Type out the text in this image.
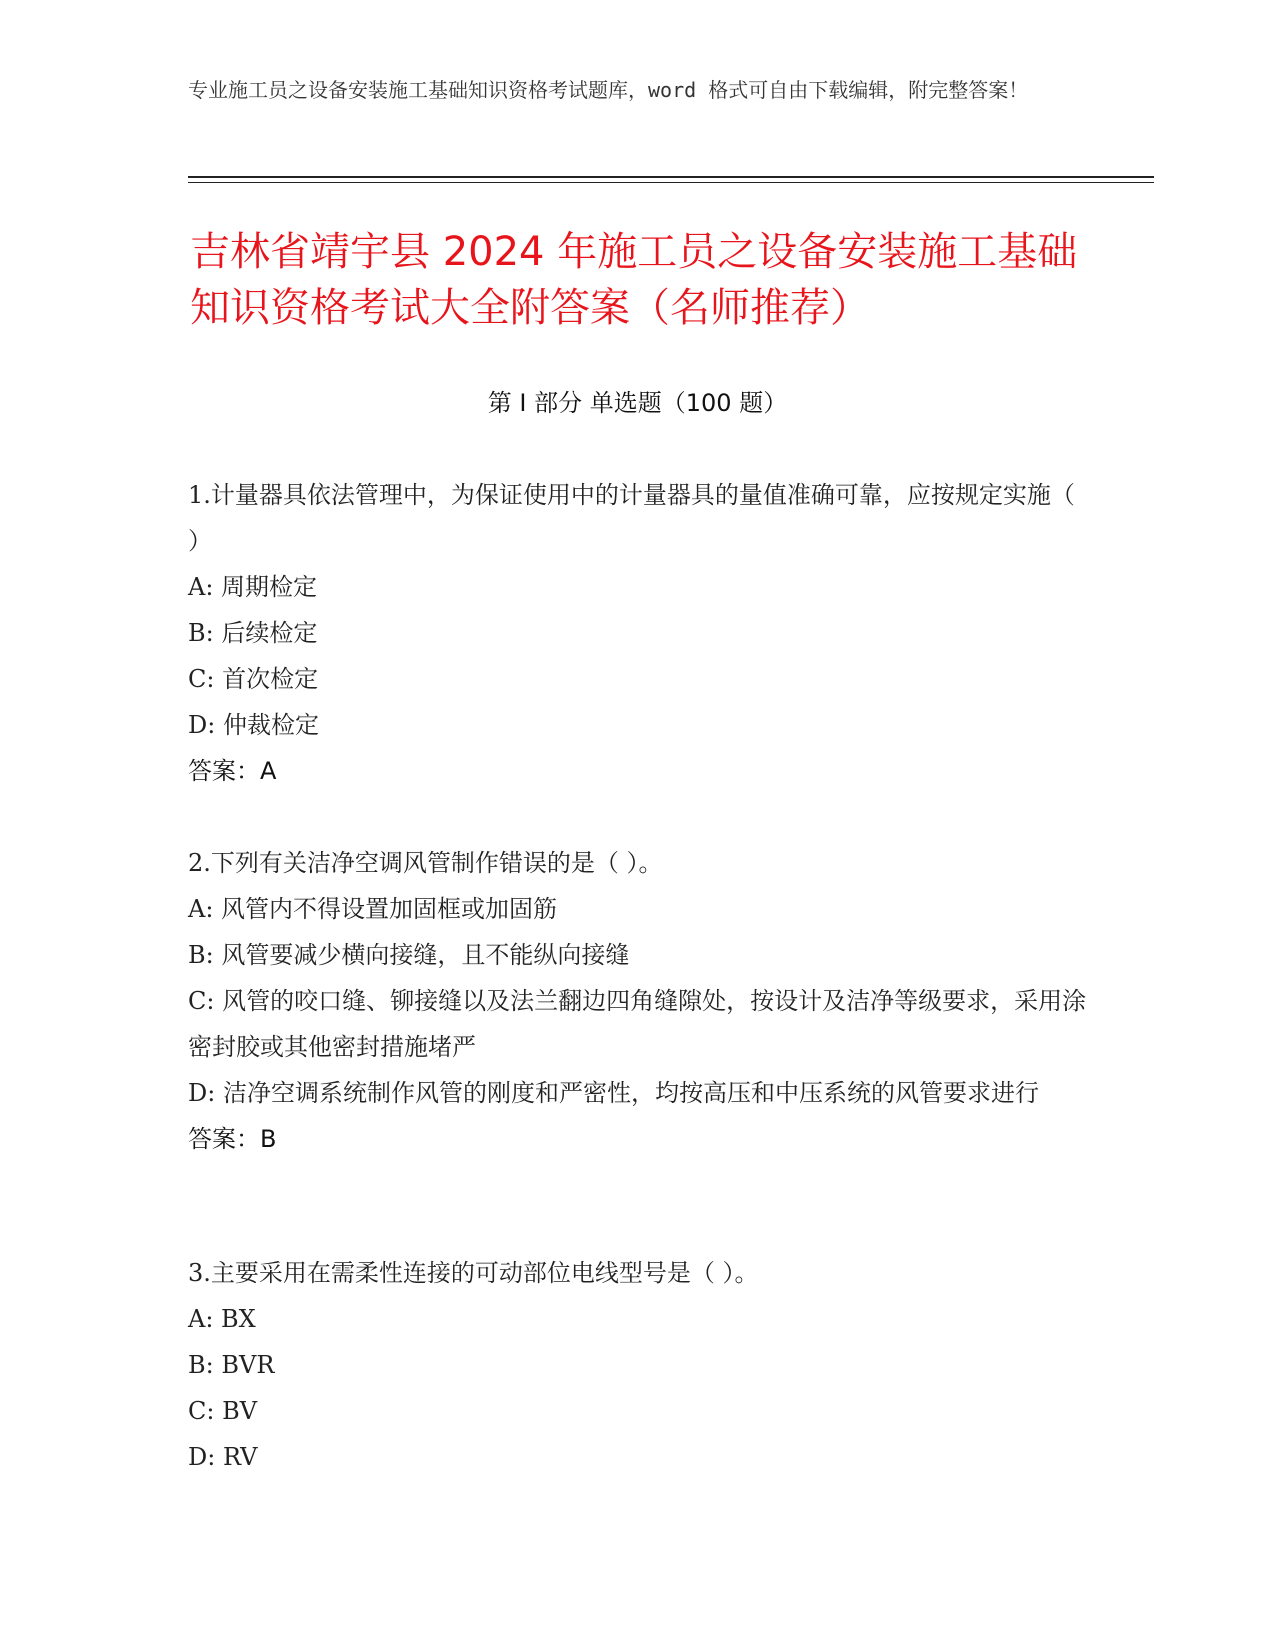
专业施工员之设备安装施工基础知识资格考试题库，word 格式可自由下载编辑，附完整答案！
吉林省靖宇县 2024 年施工员之设备安装施工基础知识资格考试大全附答案（名师推荐）
第 I 部分 单选题（100 题）
1.计量器具依法管理中，为保证使用中的计量器具的量值准确可靠，应按规定实施（ ）
A: 周期检定
B: 后续检定
C: 首次检定
D: 仲裁检定
答案：A
2.下列有关洁净空调风管制作错误的是（ ）。
A: 风管内不得设置加固框或加固筋
B: 风管要减少横向接缝，且不能纵向接缝
C: 风管的咬口缝、铆接缝以及法兰翻边四角缝隙处，按设计及洁净等级要求，采用涂密封胶或其他密封措施堵严
D: 洁净空调系统制作风管的刚度和严密性，均按高压和中压系统的风管要求进行
答案：B
3.主要采用在需柔性连接的可动部位电线型号是（ ）。
A: BX
B: BVR
C: BV
D: RV
